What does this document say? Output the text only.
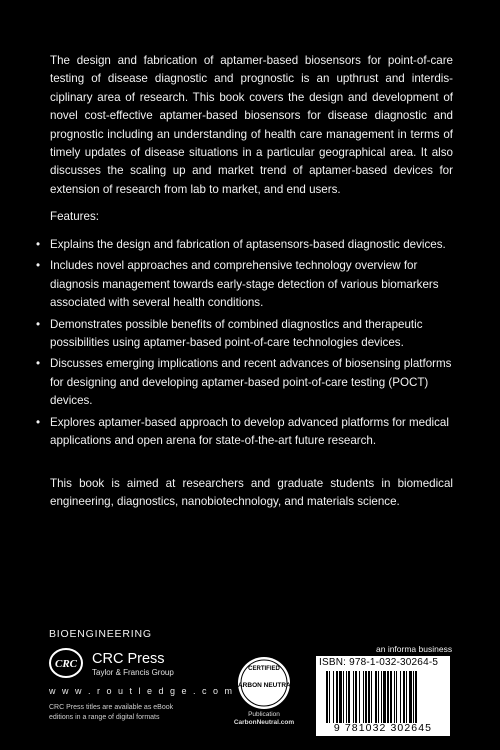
The design and fabrication of aptamer-based biosensors for point-of-care testing of disease diagnostic and prognostic is an upthrust and interdis-ciplinary area of research. This book covers the design and development of novel cost-effective aptamer-based biosensors for disease diagnostic and prognostic including an understanding of health care management in terms of timely updates of disease situations in a particular geographical area. It also discusses the scaling up and market trend of aptamer-based devices for extension of research from lab to market, and end users.

Features:
• Explains the design and fabrication of aptasensors-based diagnostic devices.
• Includes novel approaches and comprehensive technology overview for diagnosis management towards early-stage detection of various biomarkers associated with several health conditions.
• Demonstrates possible benefits of combined diagnostics and therapeutic possibilities using aptamer-based point-of-care technologies devices.
• Discusses emerging implications and recent advances of biosensing platforms for designing and developing aptamer-based point-of-care testing (POCT) devices.
• Explores aptamer-based approach to develop advanced platforms for medical applications and open arena for state-of-the-art future research.
This book is aimed at researchers and graduate students in biomedical engineering, diagnostics, nanobiotechnology, and materials science.
BIOENGINEERING
CRC CRC Press
Taylor & Francis Group
w w w . r o u t l e d g e . c o m
CRC Press titles are available as eBook editions in a range of digital formats
CERTIFIED
CARBON NEUTRAL
Publication
CarbonNeutral.com
an informa business
ISBN: 978-1-032-30264-5
9 781032 302645
